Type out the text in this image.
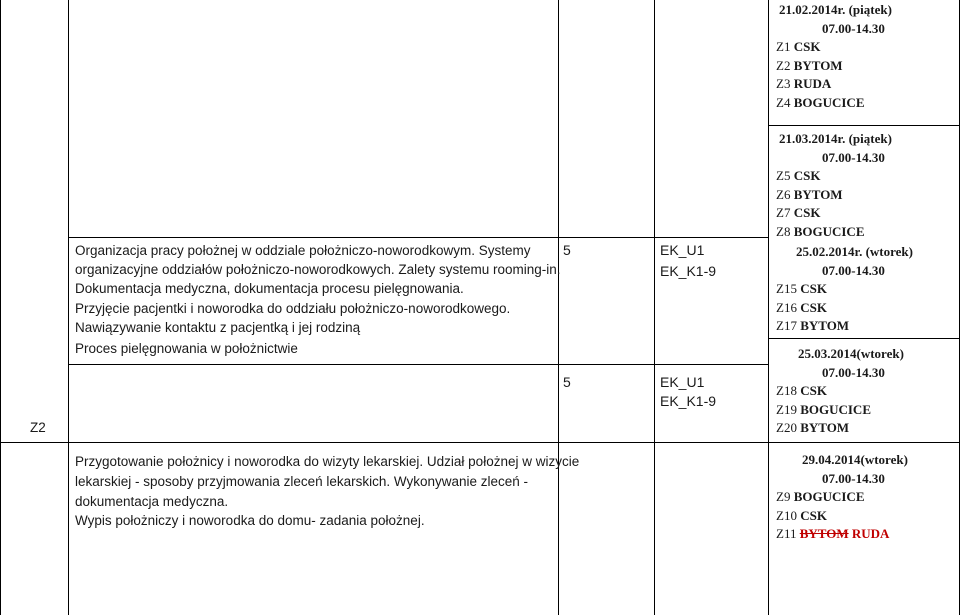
Z2
Organizacja pracy położnej w oddziale położniczo-noworodkowym. Systemy
organizacyjne oddziałów położniczo-noworodkowych. Zalety systemu rooming-in.
Dokumentacja medyczna, dokumentacja procesu pielęgnowania.
Przyjęcie pacjentki i noworodka do oddziału położniczo-noworodkowego.
Nawiązywanie kontaktu z pacjentką i jej rodziną
Proces pielęgnowania w położnictwie
Przygotowanie położnicy i noworodka do wizyty lekarskiej. Udział położnej w wizycie
lekarskiej - sposoby przyjmowania zleceń lekarskich. Wykonywanie zleceń -
dokumentacja medyczna.
Wypis położniczy i noworodka do domu- zadania położnej.
5	EK_U1
EK_K1-9
5	EK_U1
EK_K1-9
21.02.2014r. (piątek)
07.00-14.30
Z1 CSK
Z2 BYTOM
Z3 RUDA
Z4 BOGUCICE
21.03.2014r. (piątek)
07.00-14.30
Z5 CSK
Z6 BYTOM
Z7 CSK
Z8 BOGUCICE
25.02.2014r. (wtorek)
07.00-14.30
Z15 CSK
Z16 CSK
Z17 BYTOM
25.03.2014(wtorek)
07.00-14.30
Z18 CSK
Z19 BOGUCICE
Z20 BYTOM
29.04.2014(wtorek)
07.00-14.30
Z9 BOGUCICE
Z10 CSK
Z11 BYTOM RUDA
